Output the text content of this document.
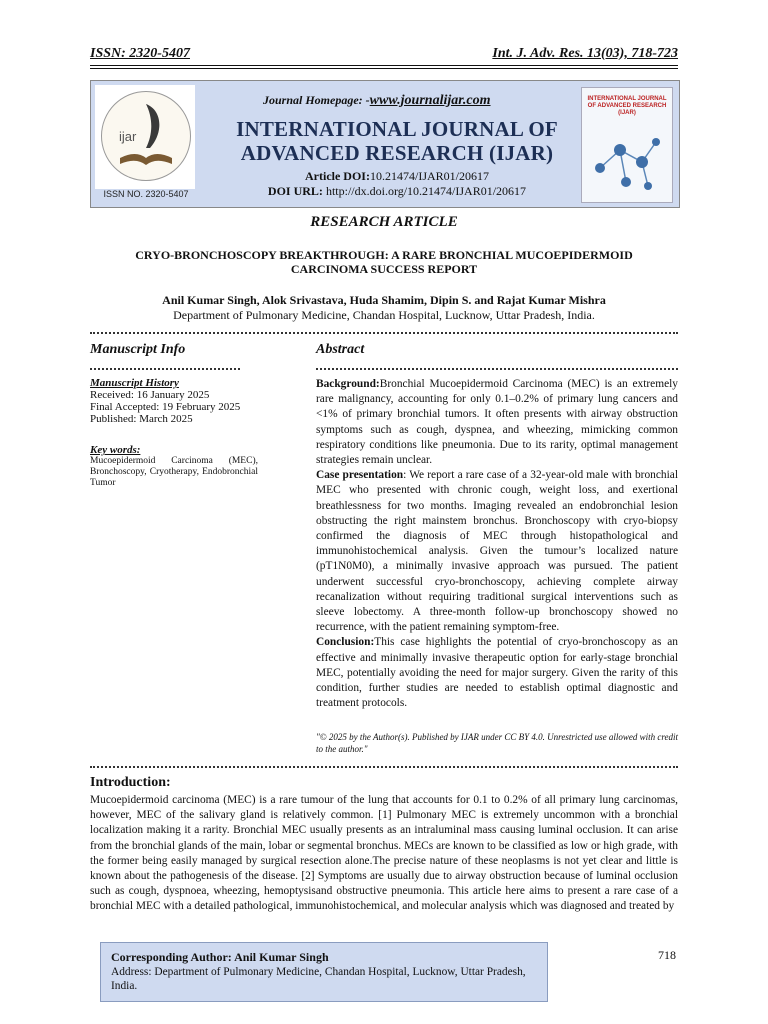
ISSN: 2320-5407	Int. J. Adv. Res. 13(03), 718-723
ijar
ISSN NO. 2320-5407
Journal Homepage: -www.journalijar.com
INTERNATIONAL JOURNAL OF ADVANCED RESEARCH (IJAR)
Article DOI:10.21474/IJAR01/20617
DOI URL: http://dx.doi.org/10.21474/IJAR01/20617
INTERNATIONAL JOURNAL OF ADVANCED RESEARCH (IJAR)
RESEARCH ARTICLE
CRYO-BRONCHOSCOPY BREAKTHROUGH: A RARE BRONCHIAL MUCOEPIDERMOID CARCINOMA SUCCESS REPORT
Anil Kumar Singh, Alok Srivastava, Huda Shamim, Dipin S. and Rajat Kumar Mishra
Department of Pulmonary Medicine, Chandan Hospital, Lucknow, Uttar Pradesh, India.
Manuscript Info	Abstract
Manuscript History
Received: 16 January 2025
Final Accepted: 19 February 2025
Published: March 2025
Key words:
Mucoepidermoid Carcinoma (MEC), Bronchoscopy, Cryotherapy, Endobronchial Tumor

Background:Bronchial Mucoepidermoid Carcinoma (MEC) is an extremely rare malignancy, accounting for only 0.1–0.2% of primary lung cancers and <1% of primary bronchial tumors. It often presents with airway obstruction symptoms such as cough, dyspnea, and wheezing, mimicking common respiratory conditions like pneumonia. Due to its rarity, optimal management strategies remain unclear.

Case presentation: We report a rare case of a 32-year-old male with bronchial MEC who presented with chronic cough, weight loss, and exertional breathlessness for two months. Imaging revealed an endobronchial lesion obstructing the right mainstem bronchus. Bronchoscopy with cryo-biopsy confirmed the diagnosis of MEC through histopathological and immunohistochemical analysis. Given the tumour’s localized nature (pT1N0M0), a minimally invasive approach was pursued. The patient underwent successful cryo-bronchoscopy, achieving complete airway recanalization without requiring traditional surgical interventions such as sleeve lobectomy. A three-month follow-up bronchoscopy showed no recurrence, with the patient remaining symptom-free.

Conclusion:This case highlights the potential of cryo-bronchoscopy as an effective and minimally invasive therapeutic option for early-stage bronchial MEC, potentially avoiding the need for major surgery. Given the rarity of this condition, further studies are needed to establish optimal diagnostic and treatment protocols.

"© 2025 by the Author(s). Published by IJAR under CC BY 4.0. Unrestricted use allowed with credit to the author."
Introduction:
Mucoepidermoid carcinoma (MEC) is a rare tumour of the lung that accounts for 0.1 to 0.2% of all primary lung carcinomas, however, MEC of the salivary gland is relatively common. [1] Pulmonary MEC is extremely uncommon with a bronchial localization making it a rarity. Bronchial MEC usually presents as an intraluminal mass causing luminal occlusion. It can arise from the bronchial glands of the main, lobar or segmental bronchus. MECs are known to be classified as low or high grade, with the former being easily managed by surgical resection alone.The precise nature of these neoplasms is not yet clear and little is known about the pathogenesis of the disease. [2] Symptoms are usually due to airway obstruction because of luminal occlusion such as cough, dyspnoea, wheezing, hemoptysisand obstructive pneumonia. This article here aims to present a rare case of a bronchial MEC with a detailed pathological, immunohistochemical, and molecular analysis which was diagnosed and treated by
Corresponding Author: Anil Kumar Singh
Address: Department of Pulmonary Medicine, Chandan Hospital, Lucknow, Uttar Pradesh, India.
718
